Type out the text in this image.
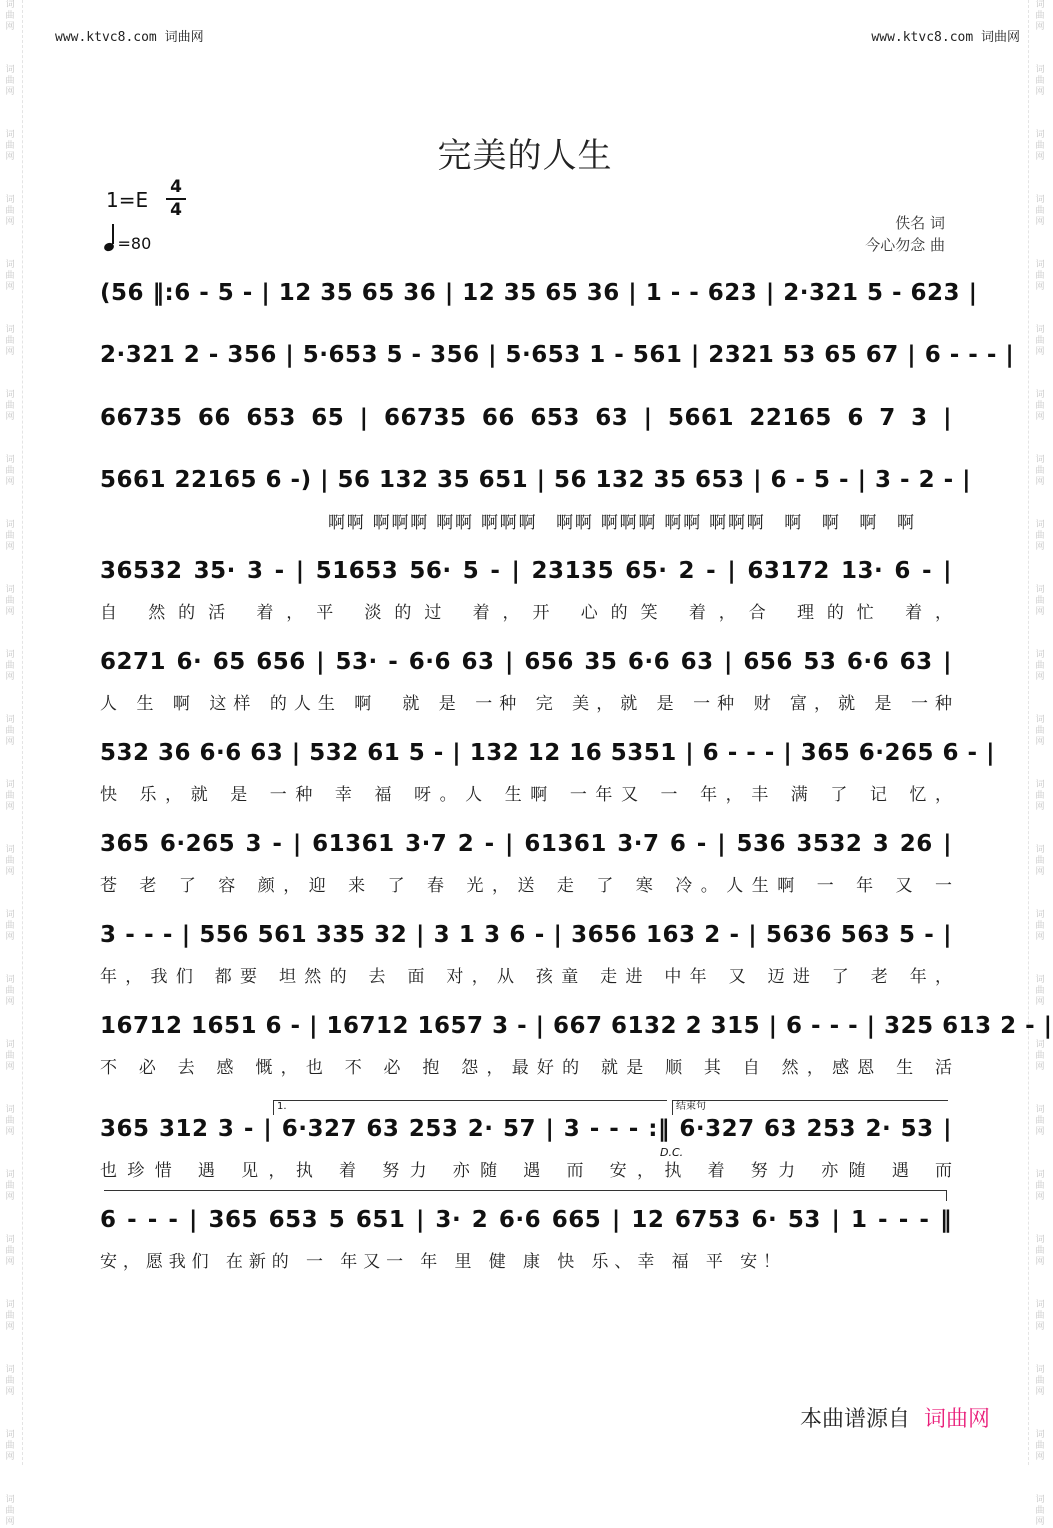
词曲网
词曲网
词曲网
词曲网
词曲网
词曲网
词曲网
词曲网
词曲网
词曲网
词曲网
词曲网
词曲网
词曲网
词曲网
词曲网
词曲网
词曲网
词曲网
词曲网
词曲网
词曲网
词曲网
词曲网
词曲网
词曲网
词曲网
词曲网
词曲网
词曲网
词曲网
词曲网
词曲网
词曲网
词曲网
词曲网
词曲网
词曲网
词曲网
词曲网
词曲网
词曲网
词曲网
词曲网
词曲网
词曲网
词曲网
词曲网
www.ktvc8.com 词曲网	www.ktvc8.com 词曲网
完美的人生
1=E
4
4
=80
佚名 词
今心勿念 曲
(56 ‖:6 - 5 - | 12 35 65 36 | 12 35 65 36 | 1 - - 623 | 2·321 5 - 623 |
2·321 2 - 356 | 5·653 5 - 356 | 5·653 1 - 561 | 2321 53 65 67 | 6 - - - |
66735 66 653 65 | 66735 66 653 63 | 5661 22165 6 7 3 |
5661 22165 6 -) | 56 132 35 651 | 56 132 35 653 | 6 - 5 - | 3 - 2 - |
啊啊 啊啊啊 啊啊 啊啊啊　啊啊 啊啊啊 啊啊 啊啊啊　啊　啊　啊　啊
36532 35· 3 - | 51653 56· 5 - | 23135 65· 2 - | 63172 13· 6 - |
自 然的活 着，平 淡的过 着，开 心的笑 着，合 理的忙 着，
6271 6· 65 656 | 53· - 6·6 63 | 656 35 6·6 63 | 656 53 6·6 63 |
人 生 啊 这样 的人生 啊　就 是 一种 完 美，就 是 一种 财 富，就 是 一种
532 36 6·6 63 | 532 61 5 - | 132 12 16 5351 | 6 - - - | 365 6·265 6 - |
快 乐，就 是 一种 幸 福 呀。人 生啊 一年又 一 年，丰 满 了 记 忆，
365 6·265 3 - | 61361 3·7 2 - | 61361 3·7 6 - | 536 3532 3 26 |
苍 老 了 容 颜，迎 来 了 春 光，送 走 了 寒 冷。人生啊 一 年 又 一
3 - - - | 556 561 335 32 | 3 1 3 6 - | 3656 163 2 - | 5636 563 5 - |
年，我们 都要 坦然的 去 面 对，从 孩童 走进 中年 又 迈进 了 老 年，
16712 1651 6 - | 16712 1657 3 - | 667 6132 2 315 | 6 - - - | 325 613 2 - |
不 必 去 感 慨，也 不 必 抱 怨，最好的 就是 顺 其 自 然，感恩 生 活
1.	结束句
365 312 3 - | 6·327 63 253 2· 57 | 3 - - - :‖ 6·327 63 253 2· 53 |
D.C.
也珍惜 遇 见，执 着 努力 亦随 遇 而 安，执 着 努力 亦随 遇 而
6 - - - | 365 653 5 651 | 3· 2 6·6 665 | 12 6753 6· 53 | 1 - - - ‖
安，愿我们 在新的 一 年又一 年 里 健 康 快 乐、幸 福 平 安！
本曲谱源自 词曲网
